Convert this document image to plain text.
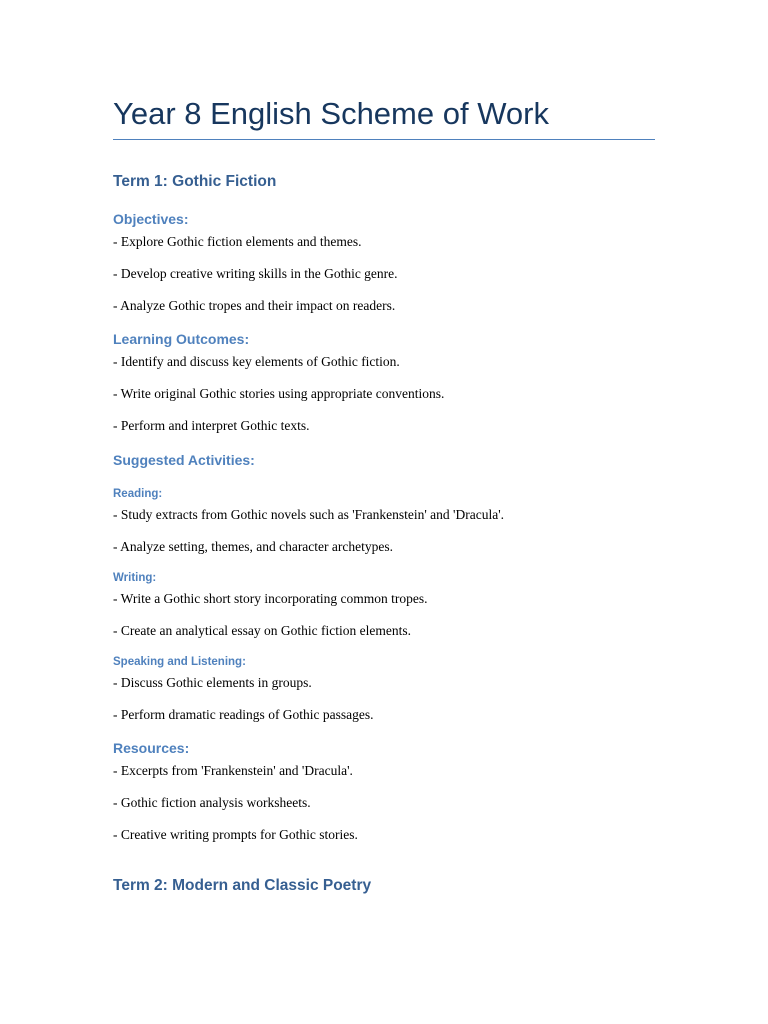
Year 8 English Scheme of Work
Term 1: Gothic Fiction
Objectives:

- Explore Gothic fiction elements and themes.

- Develop creative writing skills in the Gothic genre.

- Analyze Gothic tropes and their impact on readers.

Learning Outcomes:

- Identify and discuss key elements of Gothic fiction.

- Write original Gothic stories using appropriate conventions.

- Perform and interpret Gothic texts.

Suggested Activities:
Reading:

- Study extracts from Gothic novels such as 'Frankenstein' and 'Dracula'.

- Analyze setting, themes, and character archetypes.

Writing:

- Write a Gothic short story incorporating common tropes.

- Create an analytical essay on Gothic fiction elements.

Speaking and Listening:

- Discuss Gothic elements in groups.

- Perform dramatic readings of Gothic passages.

Resources:

- Excerpts from 'Frankenstein' and 'Dracula'.

- Gothic fiction analysis worksheets.

- Creative writing prompts for Gothic stories.

Term 2: Modern and Classic Poetry
